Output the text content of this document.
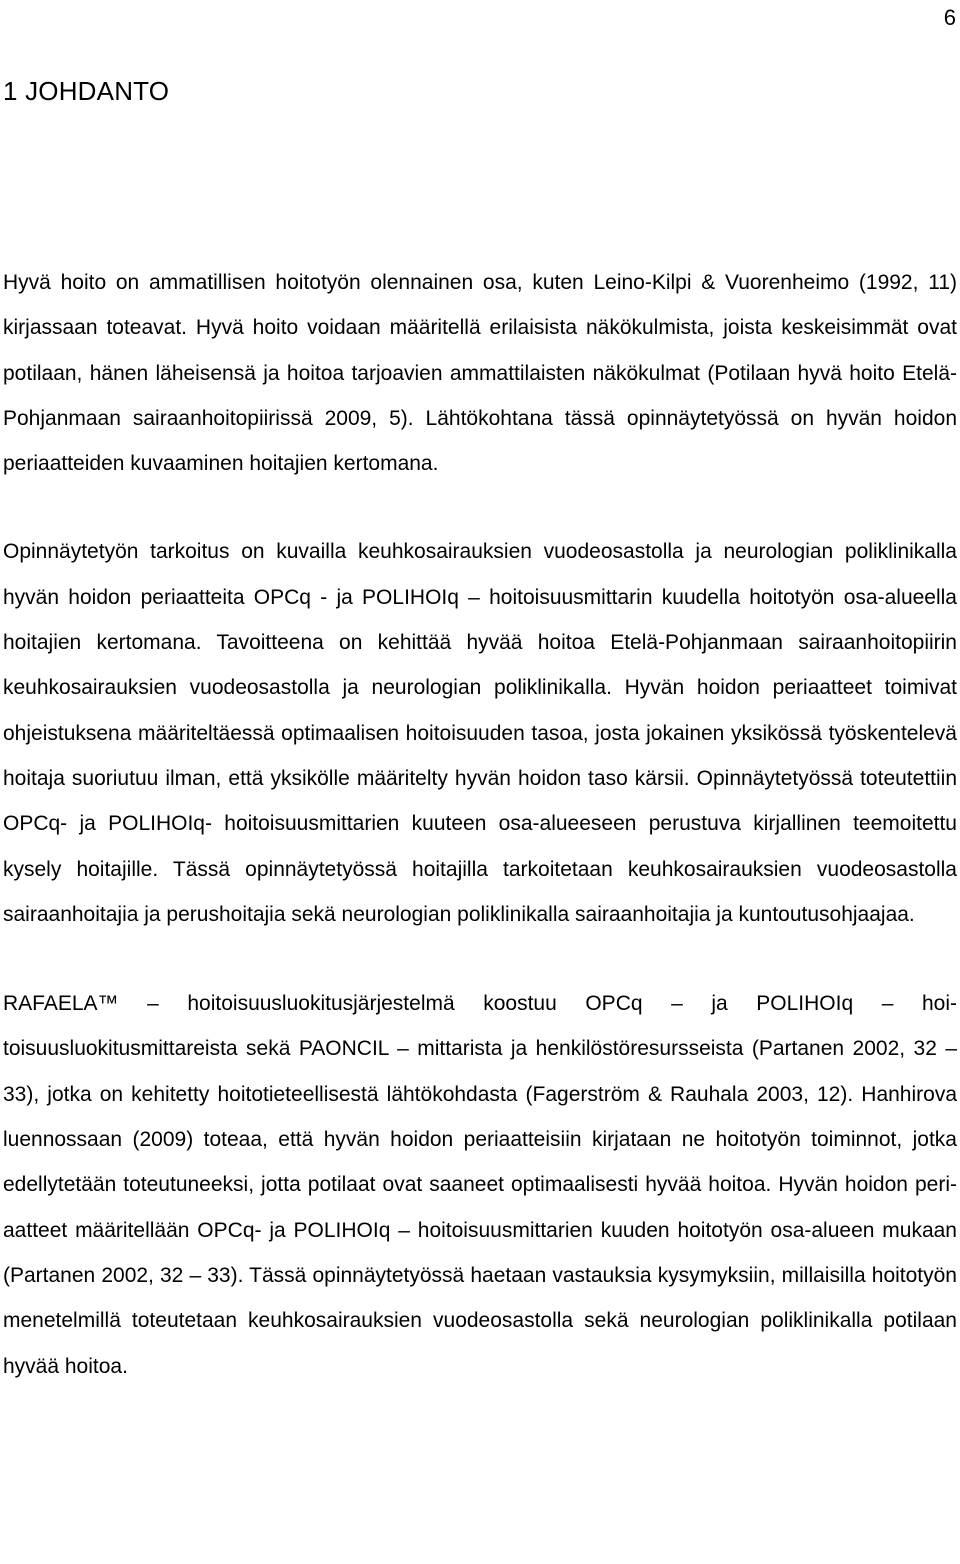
6
1 JOHDANTO

Hyvä hoito on ammatillisen hoitotyön olennainen osa, kuten Leino-Kilpi & Vuorenheimo (1992, 11) kirjassaan toteavat. Hyvä hoito voidaan määritellä erilaisista näkökulmista, joista keskeisimmät ovat potilaan, hänen läheisensä ja hoitoa tarjoavien ammattilaisten näkökulmat (Potilaan hyvä hoito Etelä-Pohjanmaan sairaanhoitopiirissä 2009, 5). Lähtökohtana tässä opinnäytetyössä on hyvän hoidon periaatteiden kuvaaminen hoitajien kertomana.

Opinnäytetyön tarkoitus on kuvailla keuhkosairauksien vuodeosastolla ja neurologian poliklinikalla hyvän hoidon periaatteita OPCq - ja POLIHOIq – hoitoisuusmittarin kuudella hoitotyön osa-alueella hoitajien kertomana. Tavoitteena on kehittää hyvää hoitoa Etelä-Pohjanmaan sairaanhoitopiirin keuhkosairauksien vuodeosastolla ja neurologian poliklinikalla. Hyvän hoidon periaatteet toimivat ohjeistuksena määriteltäessä optimaalisen hoitoisuuden tasoa, josta jokainen yksikössä työskentelevä hoitaja suoriutuu ilman, että yksikölle määritelty hyvän hoidon taso kärsii. Opinnäytetyössä toteutettiin OPCq- ja POLIHOIq- hoitoisuusmittarien kuuteen osa-alueeseen perustuva kirjallinen teemoitettu kysely hoitajille. Tässä opinnäytetyössä hoitajilla tarkoitetaan keuhkosairauksien vuodeosastolla sairaanhoitajia ja perushoitajia sekä neurologian poliklinikalla sairaanhoitajia ja kuntoutusohjaajaa.

RAFAELA™ – hoitoisuusluokitusjärjestelmä koostuu OPCq – ja POLIHOIq – hoitoisuusluokitusmittareista sekä PAONCIL – mittarista ja henkilöstöresursseista (Partanen 2002, 32 – 33), jotka on kehitetty hoitotieteellisestä lähtökohdasta (Fagerström & Rauhala 2003, 12). Hanhirova luennossaan (2009) toteaa, että hyvän hoidon periaatteisiin kirjataan ne hoitotyön toiminnot, jotka edellytetään toteutuneeksi, jotta potilaat ovat saaneet optimaalisesti hyvää hoitoa. Hyvän hoidon periaatteet määritellään OPCq- ja POLIHOIq – hoitoisuusmittarien kuuden hoitotyön osa-alueen mukaan (Partanen 2002, 32 – 33). Tässä opinnäytetyössä haetaan vastauksia kysymyksiin, millaisilla hoitotyön menetelmillä toteutetaan keuhkosairauksien vuodeosastolla sekä neurologian poliklinikalla potilaan hyvää hoitoa.
